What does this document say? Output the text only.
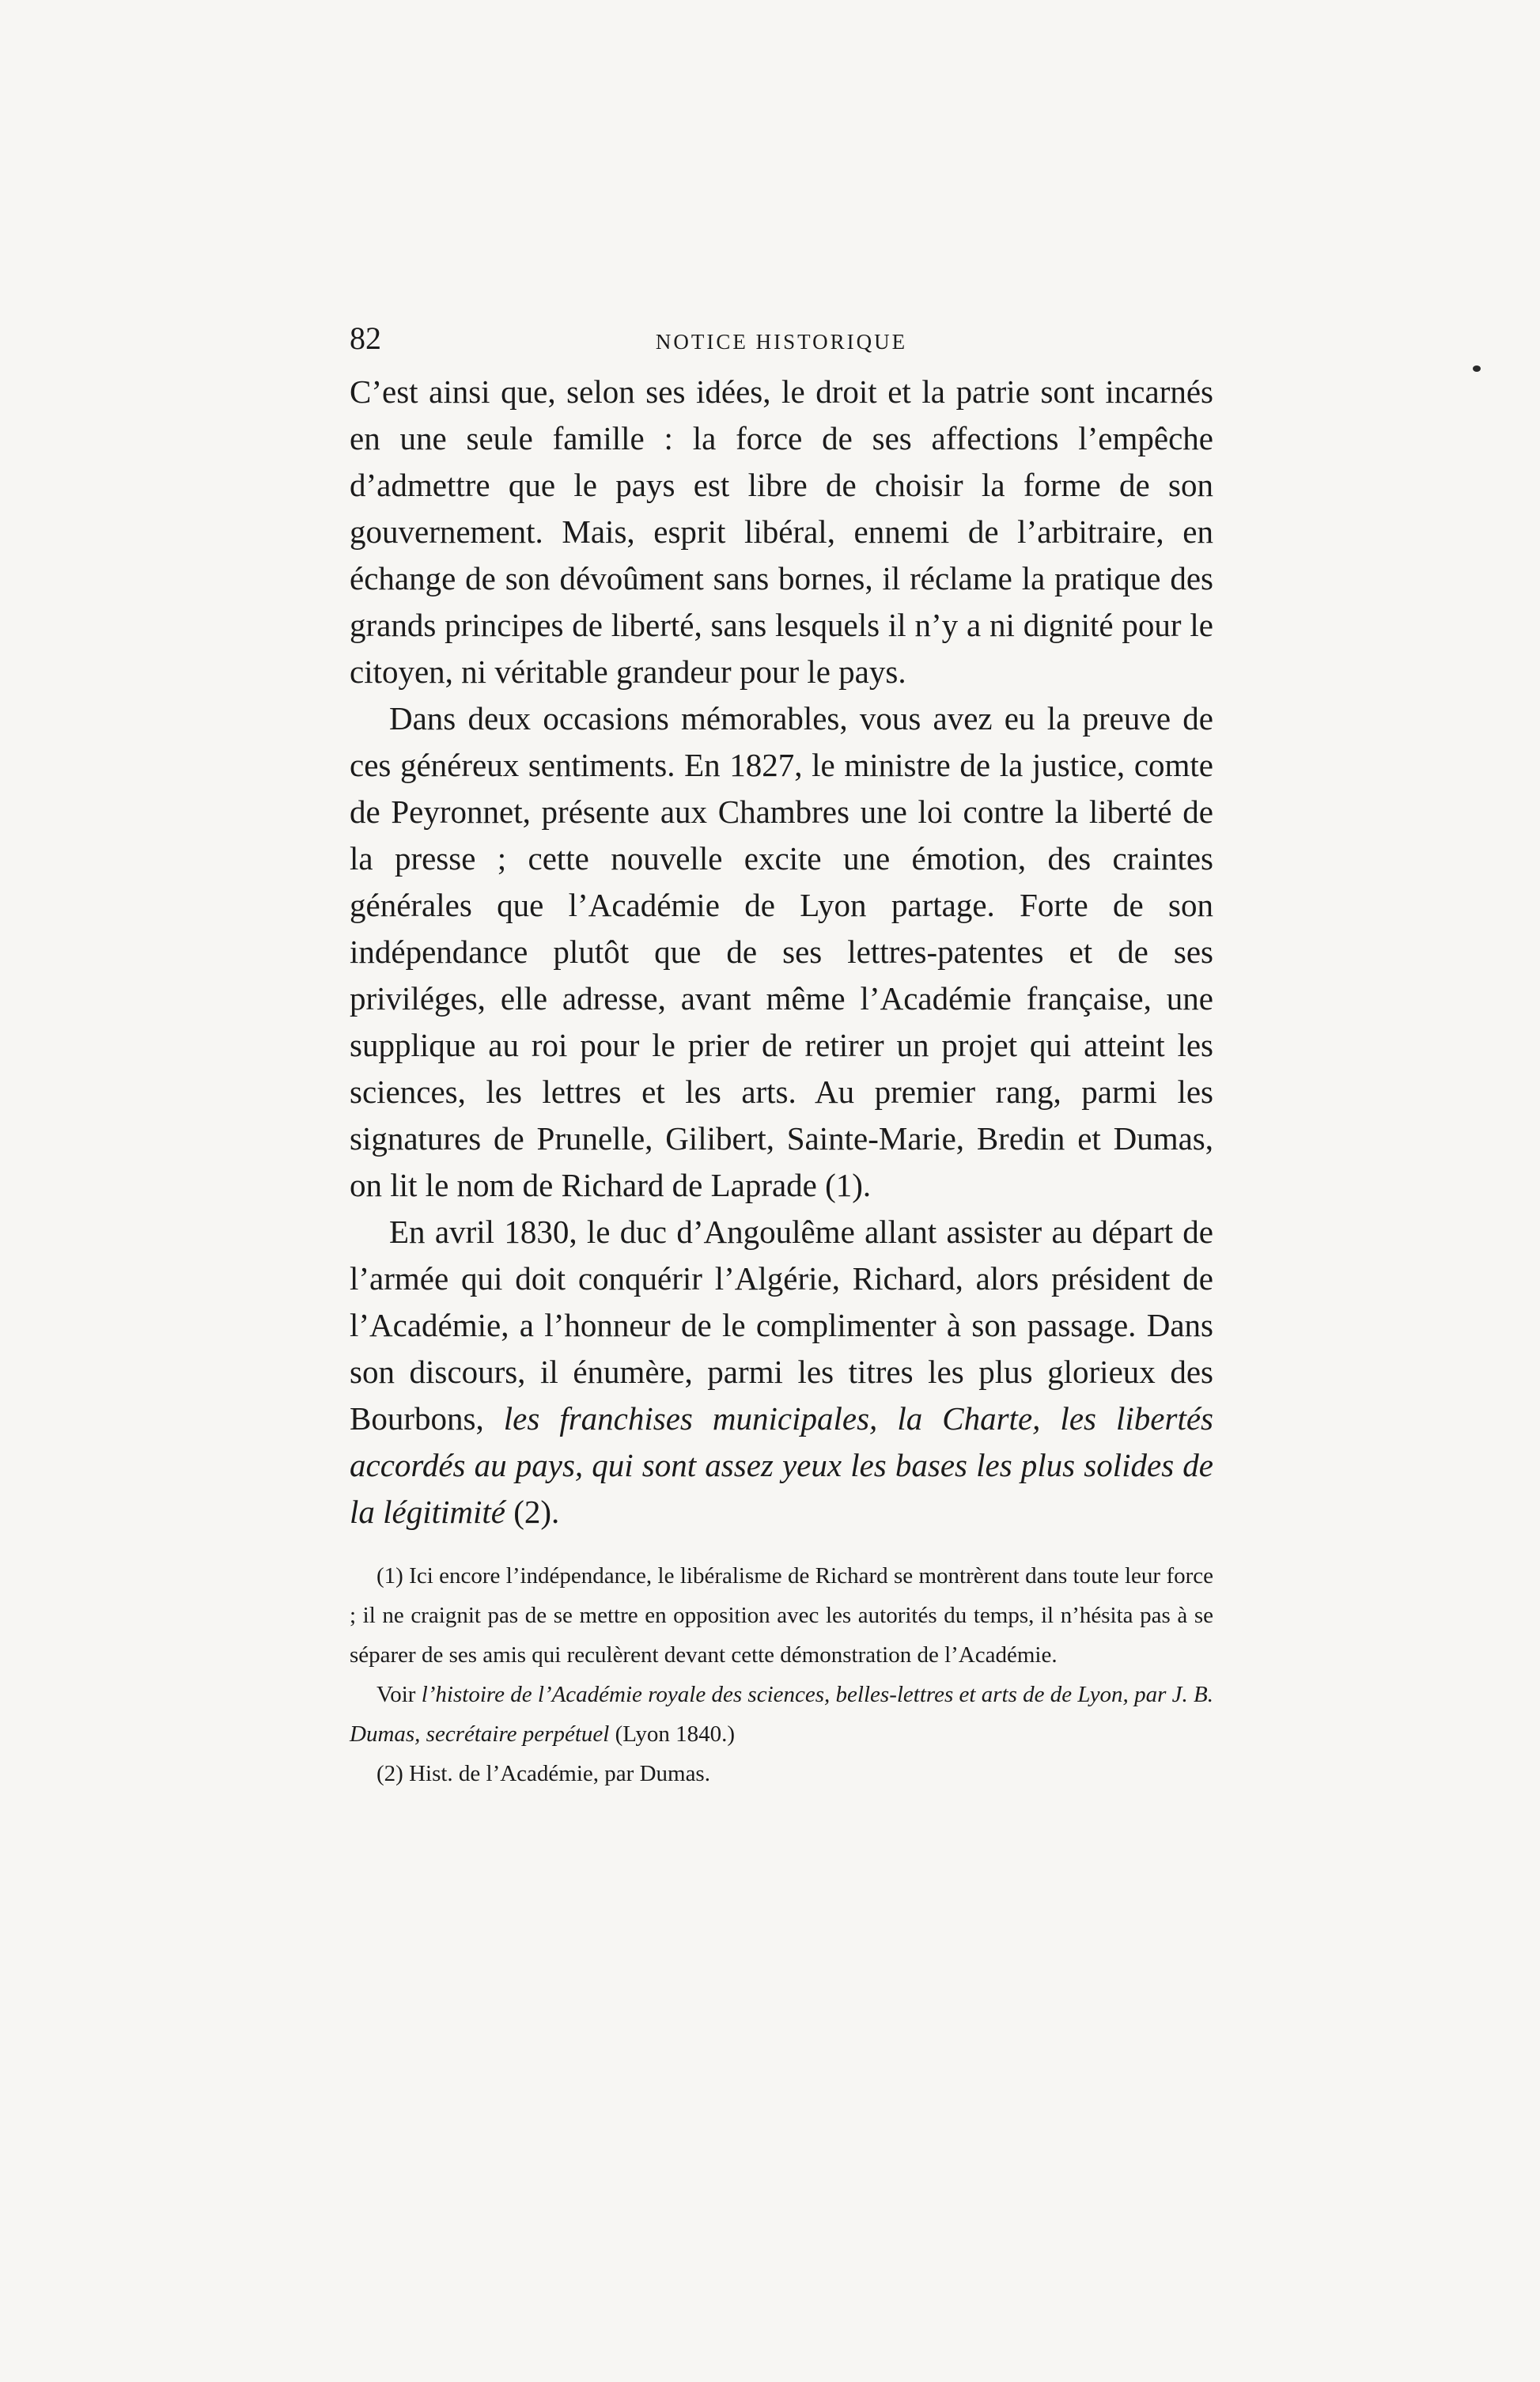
82	NOTICE HISTORIQUE

C’est ainsi que, selon ses idées, le droit et la patrie sont incarnés en une seule famille : la force de ses affections l’empêche d’admettre que le pays est libre de choisir la forme de son gouvernement. Mais, esprit libéral, ennemi de l’arbitraire, en échange de son dévoûment sans bornes, il réclame la pratique des grands principes de liberté, sans lesquels il n’y a ni dignité pour le citoyen, ni véritable grandeur pour le pays.

Dans deux occasions mémorables, vous avez eu la preuve de ces généreux sentiments. En 1827, le ministre de la justice, comte de Peyronnet, présente aux Chambres une loi contre la liberté de la presse ; cette nouvelle excite une émotion, des craintes générales que l’Académie de Lyon partage. Forte de son indépendance plutôt que de ses lettres-patentes et de ses priviléges, elle adresse, avant même l’Académie française, une supplique au roi pour le prier de retirer un projet qui atteint les sciences, les lettres et les arts. Au premier rang, parmi les signatures de Prunelle, Gilibert, Sainte-Marie, Bredin et Dumas, on lit le nom de Richard de Laprade (1).

En avril 1830, le duc d’Angoulême allant assister au départ de l’armée qui doit conquérir l’Algérie, Richard, alors président de l’Académie, a l’honneur de le complimenter à son passage. Dans son discours, il énumère, parmi les titres les plus glorieux des Bourbons, les franchises municipales, la Charte, les libertés accordés au pays, qui sont assez yeux les bases les plus solides de la légitimité (2).

(1) Ici encore l’indépendance, le libéralisme de Richard se montrèrent dans toute leur force ; il ne craignit pas de se mettre en opposition avec les autorités du temps, il n’hésita pas à se séparer de ses amis qui reculèrent devant cette démonstration de l’Académie.

Voir l’histoire de l’Académie royale des sciences, belles-lettres et arts de de Lyon, par J. B. Dumas, secrétaire perpétuel (Lyon 1840.)

(2) Hist. de l’Académie, par Dumas.
